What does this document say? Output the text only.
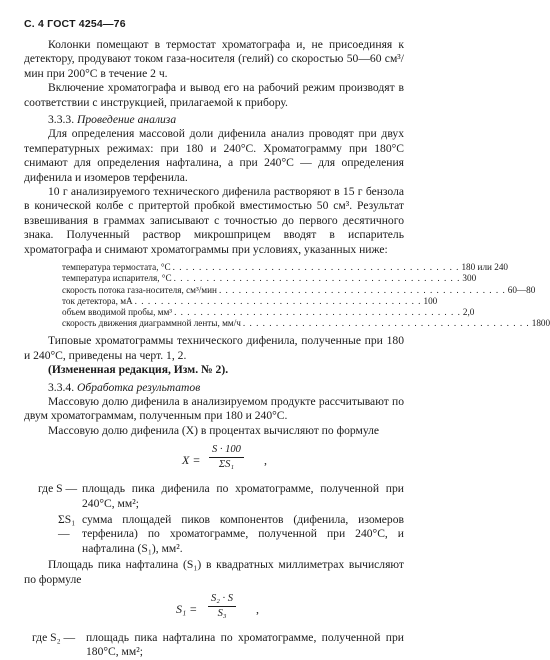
С. 4 ГОСТ 4254—76

Колонки помещают в термостат хроматографа и, не присоединяя к детектору, продувают током газа-носителя (гелий) со скоростью 50—60 см³/мин при 200°С в течение 2 ч.

Включение хроматографа и вывод его на рабочий режим производят в соответствии с инструкцией, прилагаемой к прибору.

3.3.3. Проведение анализа

Для определения массовой доли дифенила анализ проводят при двух температурных режимах: при 180 и 240°С. Хроматограмму при 180°С снимают для определения нафталина, а при 240°С — для определения дифенила и изомеров терфенила.

10 г анализируемого технического дифенила растворяют в 15 г бензола в конической колбе с притертой пробкой вместимостью 50 см³. Результат взвешивания в граммах записывают с точностью до первого десятичного знака. Полученный раствор микрошприцем вводят в испаритель хроматографа и снимают хроматограммы при условиях, указанных ниже:

температура термостата, °С . . . . . . . . . . . . . . . . . . . . . . . . . . . . . . . . . . . . . . . . . . . . 180 или 240
температура испарителя, °С . . . . . . . . . . . . . . . . . . . . . . . . . . . . . . . . . . . . . . . . . . . . 300
скорость потока газа-носителя, см³/мин . . . . . . . . . . . . . . . . . . . . . . . . . . . . . . . . . . . . . . . . . . . . 60—80
ток детектора, мА . . . . . . . . . . . . . . . . . . . . . . . . . . . . . . . . . . . . . . . . . . . . 100
объем вводимой пробы, мм³ . . . . . . . . . . . . . . . . . . . . . . . . . . . . . . . . . . . . . . . . . . . . 2,0
скорость движения диаграммной ленты, мм/ч . . . . . . . . . . . . . . . . . . . . . . . . . . . . . . . . . . . . . . . . . . . . 1800

Типовые хроматограммы технического дифенила, полученные при 180 и 240°С, приведены на черт. 1, 2.

(Измененная редакция, Изм. № 2).

3.3.4. Обработка результатов

Массовую долю дифенила в анализируемом продукте рассчитывают по двум хроматограммам, полученным при 180 и 240°С.

Массовую долю дифенила (X) в процентах вычисляют по формуле

$X = \frac{S \cdot 100}{\text{ΣS₁}}$ ,
где S — площадь пика дифенила по хроматограмме, полученной при 240°С, мм²;
ΣS₁ —
сумма площадей пиков компонентов (дифенила, изомеров терфенила) по хроматограмме, полученной при 240°С, и нафталина (S₁), мм².

Площадь пика нафталина (S₁) в квадратных миллиметрах вычисляют по формуле

$S_1 = \frac{\text{S₂ · S}}{\text{S₃}}$ ,
где S₂ — площадь пика нафталина по хроматограмме, полученной при 180°С, мм²;
